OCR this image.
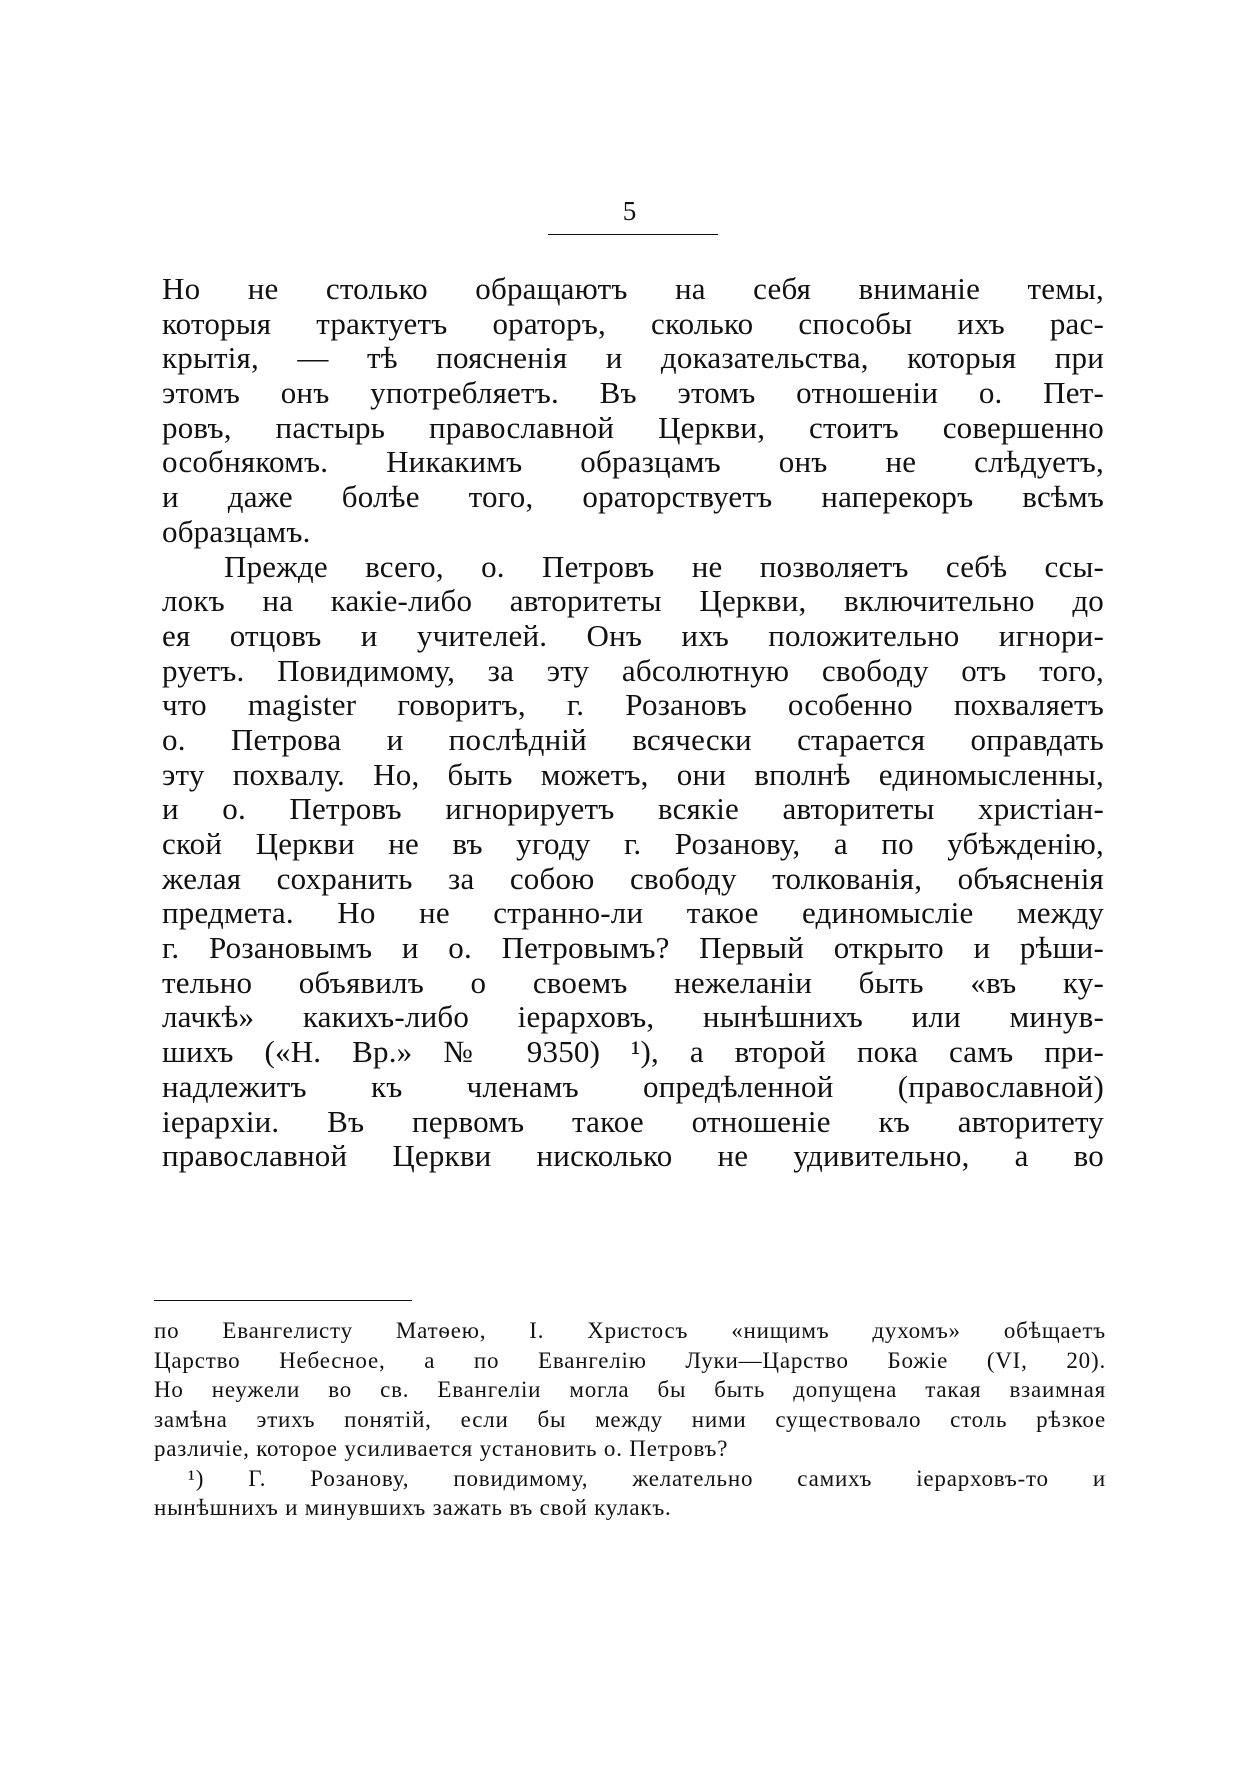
5
Но не столько обращаютъ на себя вниманіе темы,
которыя трактуетъ ораторъ, сколько способы ихъ рас-
крытія, — тѣ поясненія и доказательства, которыя при
этомъ онъ употребляетъ. Въ этомъ отношеніи о. Пет-
ровъ, пастырь православной Церкви, стоитъ совершенно
особнякомъ. Никакимъ образцамъ онъ не слѣдуетъ,
и даже болѣе того, ораторствуетъ наперекоръ всѣмъ
образцамъ.
Прежде всего, о. Петровъ не позволяетъ себѣ ссы-
локъ на какіе-либо авторитеты Церкви, включительно до
ея отцовъ и учителей. Онъ ихъ положительно игнори-
руетъ. Повидимому, за эту абсолютную свободу отъ того,
что magister говоритъ, г. Розановъ особенно похваляетъ
о. Петрова и послѣдній всячески старается оправдать
эту похвалу. Но, быть можетъ, они вполнѣ единомысленны,
и о. Петровъ игнорируетъ всякіе авторитеты христіан-
ской Церкви не въ угоду г. Розанову, а по убѣжденію,
желая сохранить за собою свободу толкованія, объясненія
предмета. Но не странно-ли такое единомысліе между
г. Розановымъ и о. Петровымъ? Первый открыто и рѣши-
тельно объявилъ о своемъ нежеланіи быть «въ ку-
лачкѣ» какихъ-либо іерарховъ, нынѣшнихъ или минув-
шихъ («Н. Вр.» № 9350) ¹), а второй пока самъ при-
надлежитъ къ членамъ опредѣленной (православной)
іерархіи. Въ первомъ такое отношеніе къ авторитету
православной Церкви нисколько не удивительно, а во
по Евангелисту Матѳею, І. Христосъ «нищимъ духомъ» обѣщаетъ
Царство Небесное, а по Евангелію Луки—Царство Божіе (VI, 20).
Но неужели во св. Евангеліи могла бы быть допущена такая взаимная
замѣна этихъ понятій, если бы между ними существовало столь рѣзкое
различіе, которое усиливается установить о. Петровъ?
¹) Г. Розанову, повидимому, желательно самихъ іерарховъ-то и
нынѣшнихъ и минувшихъ зажать въ свой кулакъ.
